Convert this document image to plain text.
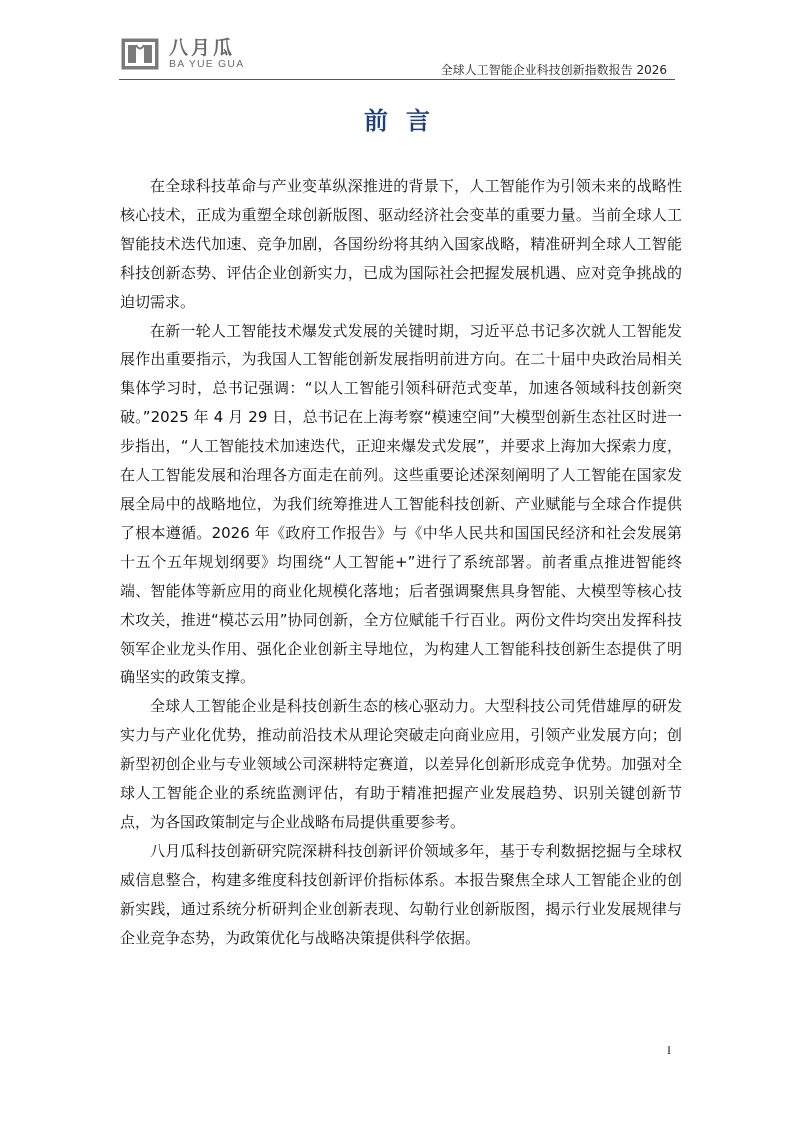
八月瓜
BA YUE GUA	全球人工智能企业科技创新指数报告 2026
前言

在全球科技革命与产业变革纵深推进的背景下，人工智能作为引领未来的战略性核心技术，正成为重塑全球创新版图、驱动经济社会变革的重要力量。当前全球人工智能技术迭代加速、竞争加剧，各国纷纷将其纳入国家战略，精准研判全球人工智能科技创新态势、评估企业创新实力，已成为国际社会把握发展机遇、应对竞争挑战的迫切需求。

在新一轮人工智能技术爆发式发展的关键时期，习近平总书记多次就人工智能发展作出重要指示，为我国人工智能创新发展指明前进方向。在二十届中央政治局相关集体学习时，总书记强调：“以人工智能引领科研范式变革，加速各领域科技创新突破。”2025 年 4 月 29 日，总书记在上海考察“模速空间”大模型创新生态社区时进一步指出，“人工智能技术加速迭代，正迎来爆发式发展”，并要求上海加大探索力度，在人工智能发展和治理各方面走在前列。这些重要论述深刻阐明了人工智能在国家发展全局中的战略地位，为我们统筹推进人工智能科技创新、产业赋能与全球合作提供了根本遵循。2026 年《政府工作报告》与《中华人民共和国国民经济和社会发展第十五个五年规划纲要》均围绕“人工智能+”进行了系统部署。前者重点推进智能终端、智能体等新应用的商业化规模化落地；后者强调聚焦具身智能、大模型等核心技术攻关，推进“模芯云用”协同创新，全方位赋能千行百业。两份文件均突出发挥科技领军企业龙头作用、强化企业创新主导地位，为构建人工智能科技创新生态提供了明确坚实的政策支撑。

全球人工智能企业是科技创新生态的核心驱动力。大型科技公司凭借雄厚的研发实力与产业化优势，推动前沿技术从理论突破走向商业应用，引领产业发展方向；创新型初创企业与专业领域公司深耕特定赛道，以差异化创新形成竞争优势。加强对全球人工智能企业的系统监测评估，有助于精准把握产业发展趋势、识别关键创新节点，为各国政策制定与企业战略布局提供重要参考。

八月瓜科技创新研究院深耕科技创新评价领域多年，基于专利数据挖掘与全球权威信息整合，构建多维度科技创新评价指标体系。本报告聚焦全球人工智能企业的创新实践，通过系统分析研判企业创新表现、勾勒行业创新版图，揭示行业发展规律与企业竞争态势，为政策优化与战略决策提供科学依据。

I
